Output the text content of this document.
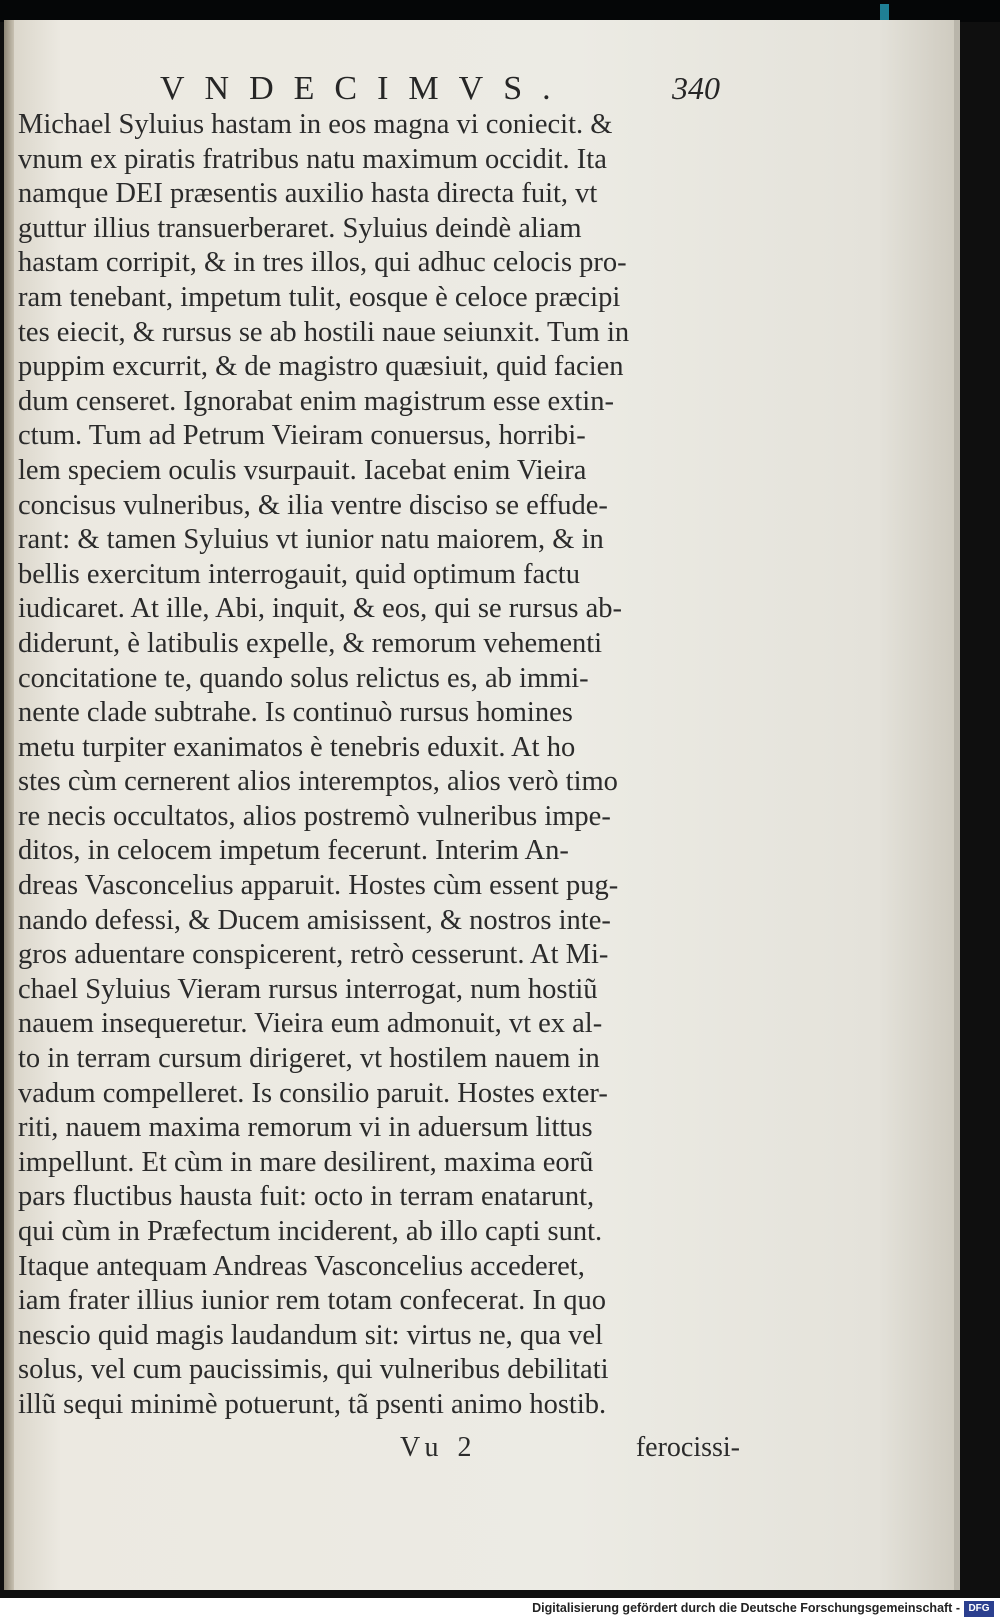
VNDECIMVS.	340
Michael Syluius hastam in eos magna vi coniecit. &
vnum ex piratis fratribus natu maximum occidit. Ita
namque DEI præsentis auxilio hasta directa fuit, vt
guttur illius transuerberaret. Syluius deindè aliam
hastam corripit, & in tres illos, qui adhuc celocis pro-
ram tenebant, impetum tulit, eosque è celoce præcipi
tes eiecit, & rursus se ab hostili naue seiunxit. Tum in
puppim excurrit, & de magistro quæsiuit, quid facien
dum censeret. Ignorabat enim magistrum esse extin-
ctum. Tum ad Petrum Vieiram conuersus, horribi-
lem speciem oculis vsurpauit. Iacebat enim Vieira
concisus vulneribus, & ilia ventre disciso se effude-
rant: & tamen Syluius vt iunior natu maiorem, & in
bellis exercitum interrogauit, quid optimum factu
iudicaret. At ille, Abi, inquit, & eos, qui se rursus ab-
diderunt, è latibulis expelle, & remorum vehementi
concitatione te, quando solus relictus es, ab immi-
nente clade subtrahe. Is continuò rursus homines
metu turpiter exanimatos è tenebris eduxit. At ho
stes cùm cernerent alios interemptos, alios verò timo
re necis occultatos, alios postremò vulneribus impe-
ditos, in celocem impetum fecerunt. Interim An-
dreas Vasconcelius apparuit. Hostes cùm essent pug-
nando defessi, & Ducem amisissent, & nostros inte-
gros aduentare conspicerent, retrò cesserunt. At Mi-
chael Syluius Vieram rursus interrogat, num hostiũ
nauem insequeretur. Vieira eum admonuit, vt ex al-
to in terram cursum dirigeret, vt hostilem nauem in
vadum compelleret. Is consilio paruit. Hostes exter-
riti, nauem maxima remorum vi in aduersum littus
impellunt. Et cùm in mare desilirent, maxima eorũ
pars fluctibus hausta fuit: octo in terram enatarunt,
qui cùm in Præfectum inciderent, ab illo capti sunt.
Itaque antequam Andreas Vasconcelius accederet,
iam frater illius iunior rem totam confecerat. In quo
nescio quid magis laudandum sit: virtus ne, qua vel
solus, vel cum paucissimis, qui vulneribus debilitati
illũ sequi minimè potuerunt, tã psenti animo hostib.
Vu 2	ferocissi-
Digitalisierung gefördert durch die Deutsche Forschungsgemeinschaft - DFG
